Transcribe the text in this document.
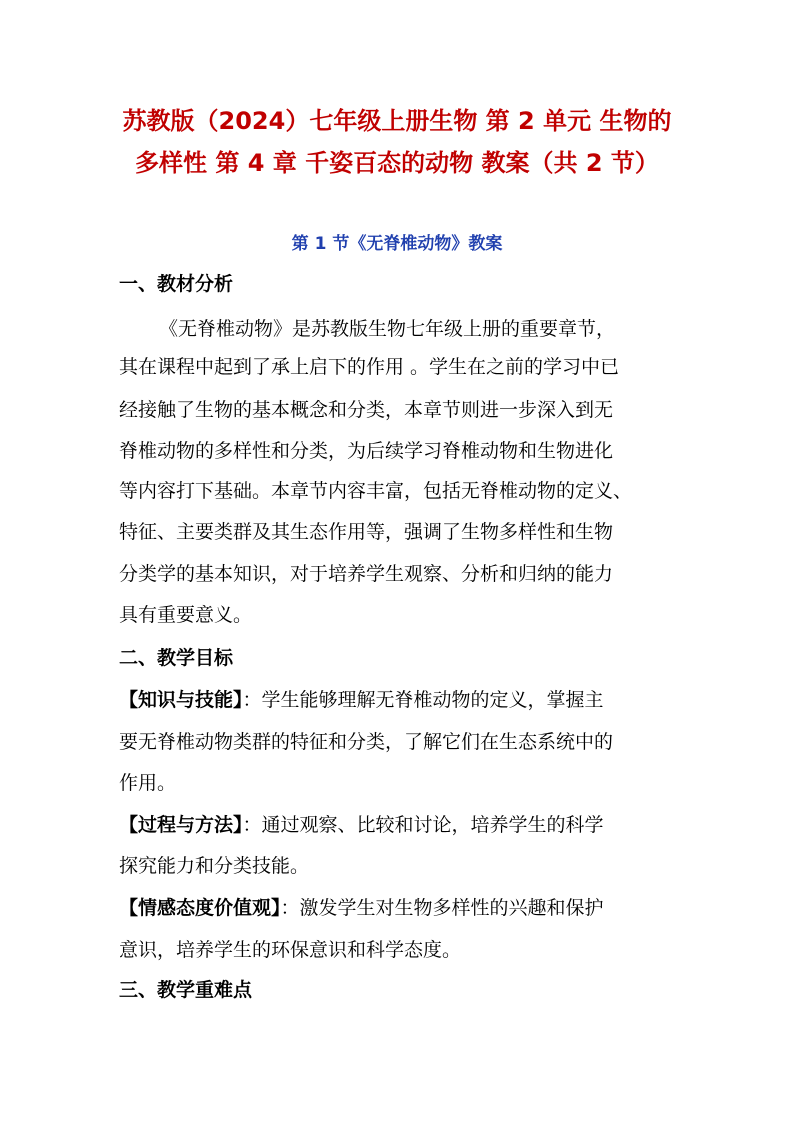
苏教版（2024）七年级上册生物 第 2 单元 生物的
多样性 第 4 章 千姿百态的动物 教案（共 2 节）
第 1 节《无脊椎动物》教案
一、教材分析
《无脊椎动物》是苏教版生物七年级上册的重要章节，
其在课程中起到了承上启下的作用 。学生在之前的学习中已
经接触了生物的基本概念和分类，本章节则进一步深入到无
脊椎动物的多样性和分类，为后续学习脊椎动物和生物进化
等内容打下基础。本章节内容丰富，包括无脊椎动物的定义、
特征、主要类群及其生态作用等，强调了生物多样性和生物
分类学的基本知识，对于培养学生观察、分析和归纳的能力
具有重要意义。
二、教学目标
【知识与技能】：学生能够理解无脊椎动物的定义，掌握主
要无脊椎动物类群的特征和分类，了解它们在生态系统中的
作用。
【过程与方法】：通过观察、比较和讨论，培养学生的科学
探究能力和分类技能。
【情感态度价值观】：激发学生对生物多样性的兴趣和保护
意识，培养学生的环保意识和科学态度。
三、教学重难点
